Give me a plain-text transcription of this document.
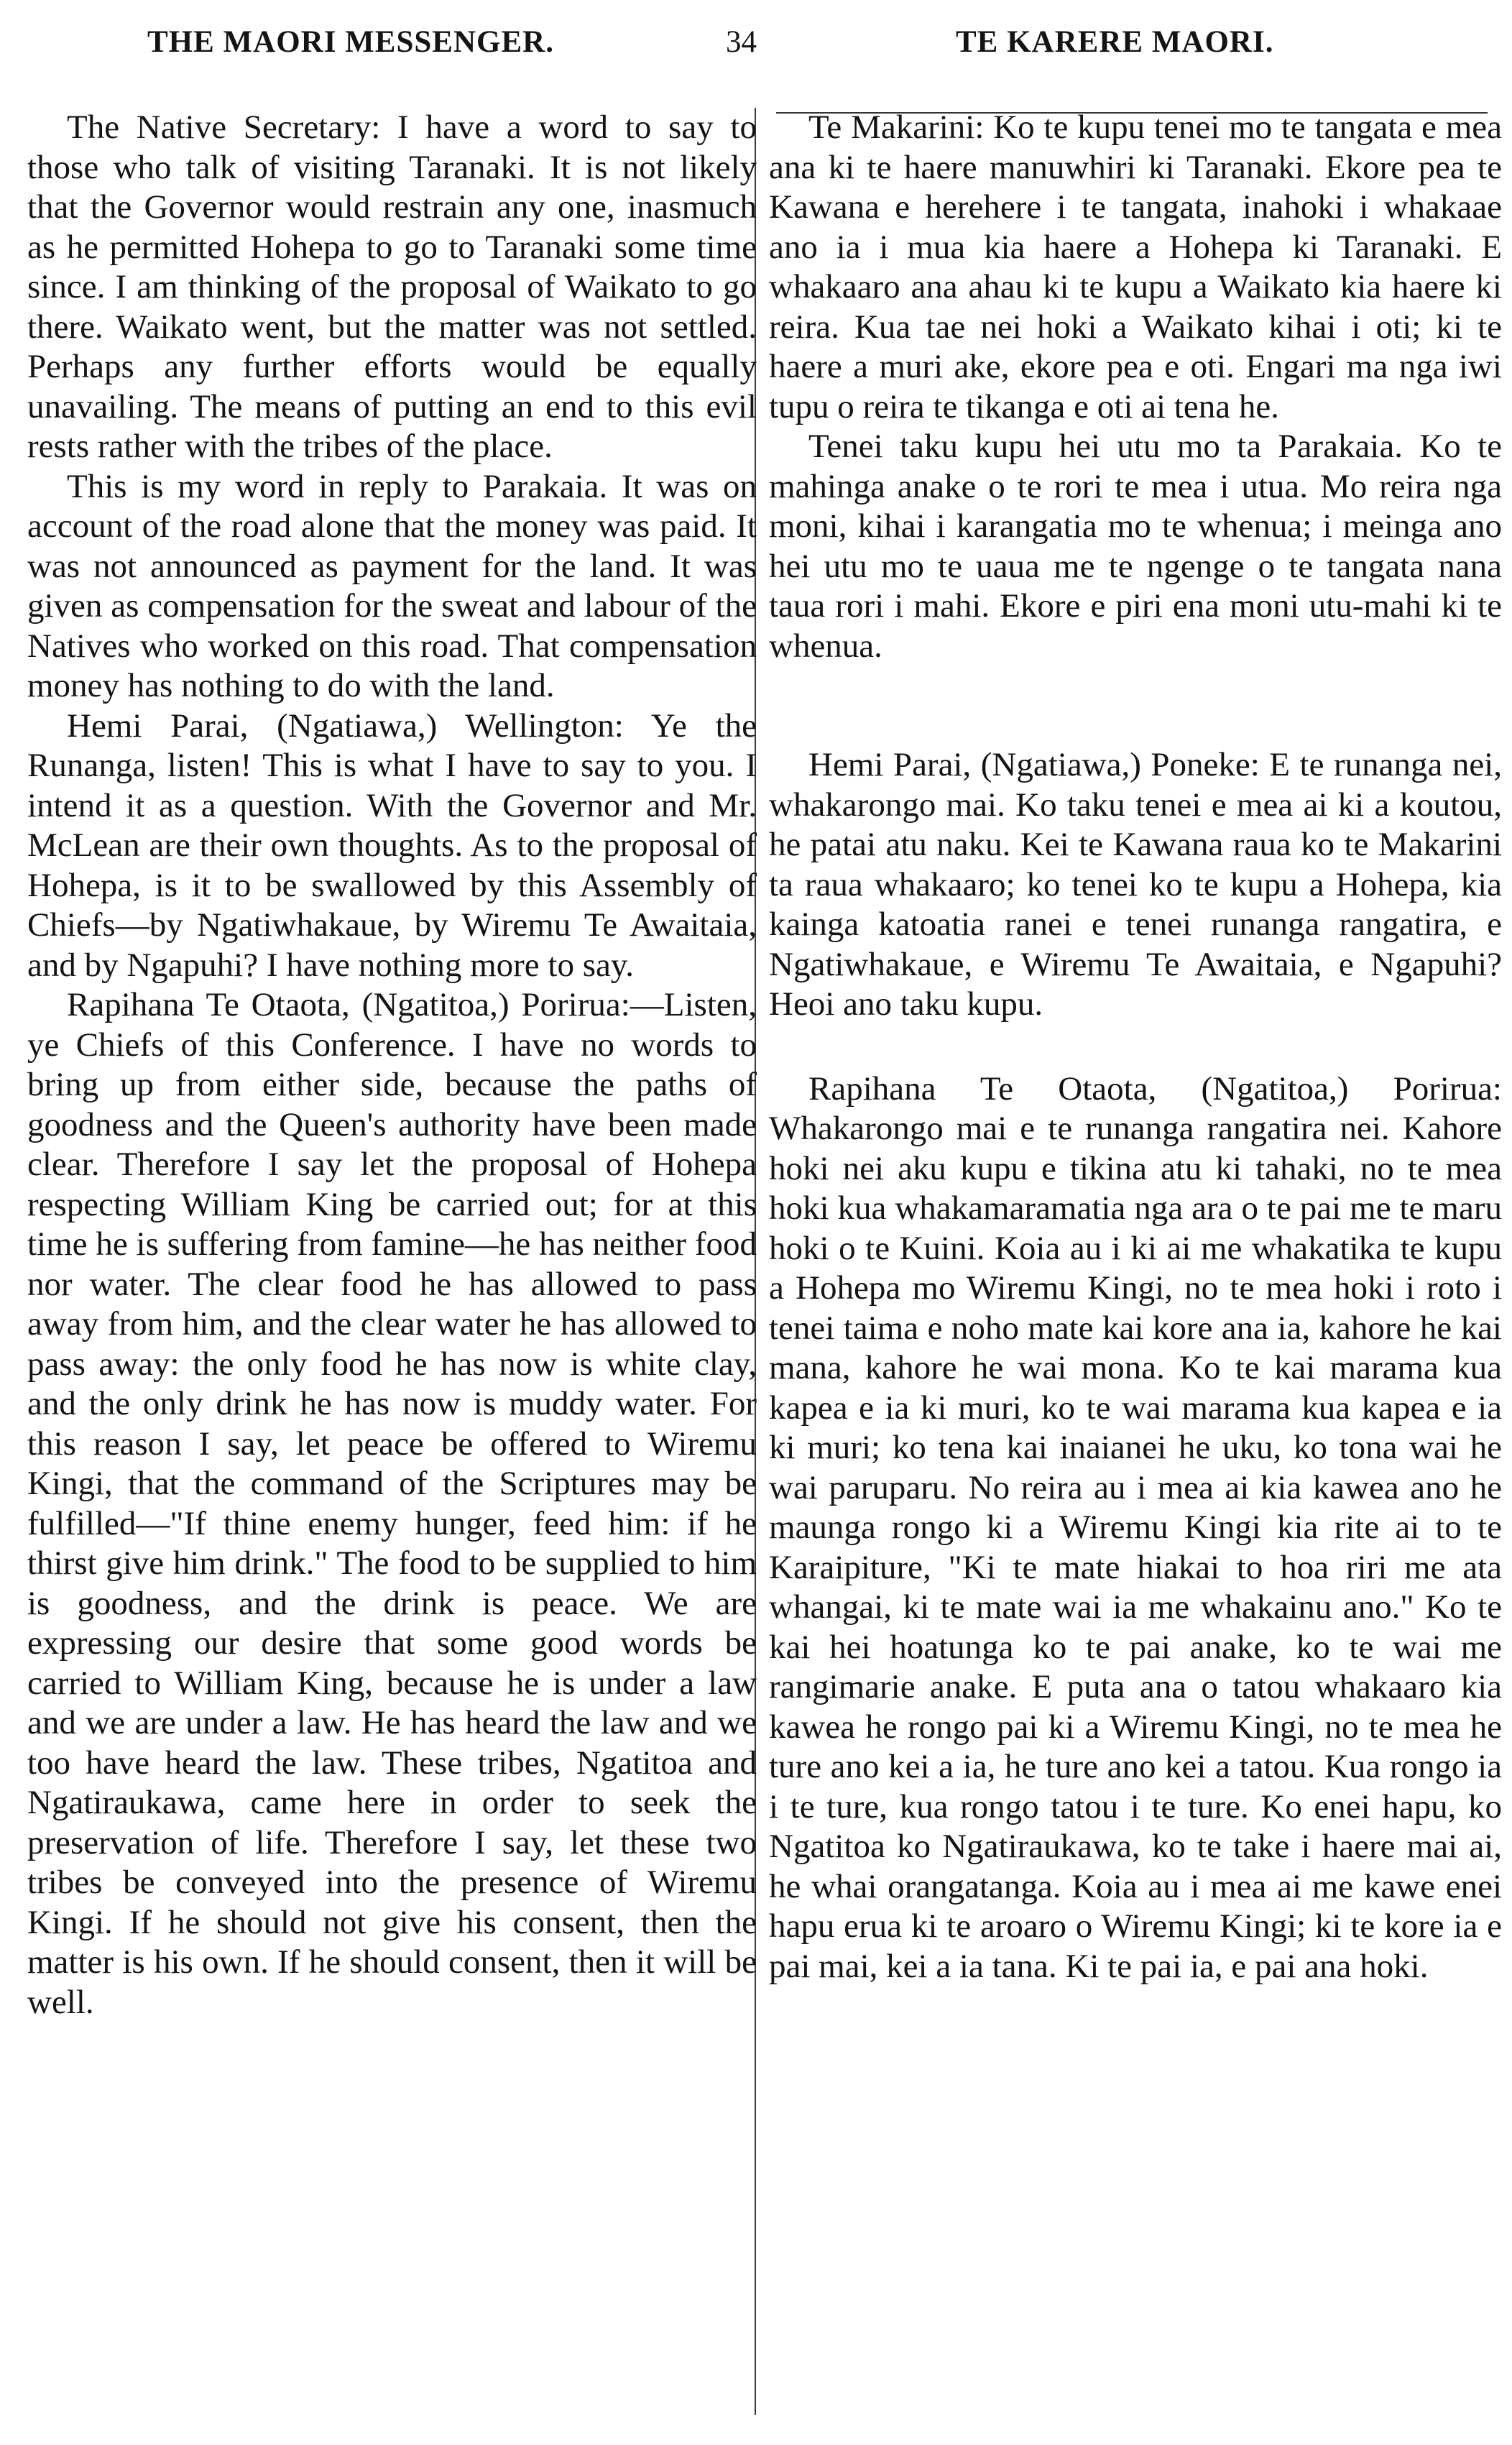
THE MAORI MESSENGER.	34	TE KARERE MAORI.

The Native Secretary: I have a word to say to those who talk of visiting Taranaki. It is not likely that the Governor would restrain any one, inasmuch as he permitted Hohepa to go to Taranaki some time since. I am thinking of the proposal of Waikato to go there. Waikato went, but the matter was not settled. Perhaps any further efforts would be equally unavailing. The means of putting an end to this evil rests rather with the tribes of the place.

This is my word in reply to Parakaia. It was on account of the road alone that the money was paid. It was not announced as payment for the land. It was given as compensation for the sweat and labour of the Natives who worked on this road. That compensation money has nothing to do with the land.

Hemi Parai, (Ngatiawa,) Wellington: Ye the Runanga, listen! This is what I have to say to you. I intend it as a question. With the Governor and Mr. McLean are their own thoughts. As to the proposal of Hohepa, is it to be swallowed by this Assembly of Chiefs—by Ngatiwhakaue, by Wiremu Te Awaitaia, and by Ngapuhi? I have nothing more to say.

Rapihana Te Otaota, (Ngatitoa,) Porirua:—Listen, ye Chiefs of this Conference. I have no words to bring up from either side, because the paths of goodness and the Queen's authority have been made clear. Therefore I say let the proposal of Hohepa respecting William King be carried out; for at this time he is suffering from famine—he has neither food nor water. The clear food he has allowed to pass away from him, and the clear water he has allowed to pass away: the only food he has now is white clay, and the only drink he has now is muddy water. For this reason I say, let peace be offered to Wiremu Kingi, that the command of the Scriptures may be fulfilled—"If thine enemy hunger, feed him: if he thirst give him drink." The food to be supplied to him is goodness, and the drink is peace. We are expressing our desire that some good words be carried to William King, because he is under a law and we are under a law. He has heard the law and we too have heard the law. These tribes, Ngatitoa and Ngatiraukawa, came here in order to seek the preservation of life. Therefore I say, let these two tribes be conveyed into the presence of Wiremu Kingi. If he should not give his consent, then the matter is his own. If he should consent, then it will be well.

Te Makarini: Ko te kupu tenei mo te tangata e mea ana ki te haere manuwhiri ki Taranaki. Ekore pea te Kawana e herehere i te tangata, inahoki i whakaae ano ia i mua kia haere a Hohepa ki Taranaki. E whakaaro ana ahau ki te kupu a Waikato kia haere ki reira. Kua tae nei hoki a Waikato kihai i oti; ki te haere a muri ake, ekore pea e oti. Engari ma nga iwi tupu o reira te tikanga e oti ai tena he.

Tenei taku kupu hei utu mo ta Parakaia. Ko te mahinga anake o te rori te mea i utua. Mo reira nga moni, kihai i karangatia mo te whenua; i meinga ano hei utu mo te uaua me te ngenge o te tangata nana taua rori i mahi. Ekore e piri ena moni utu-mahi ki te whenua.

Hemi Parai, (Ngatiawa,) Poneke: E te runanga nei, whakarongo mai. Ko taku tenei e mea ai ki a koutou, he patai atu naku. Kei te Kawana raua ko te Makarini ta raua whakaaro; ko tenei ko te kupu a Hohepa, kia kainga katoatia ranei e tenei runanga rangatira, e Ngatiwhakaue, e Wiremu Te Awaitaia, e Ngapuhi? Heoi ano taku kupu.

Rapihana Te Otaota, (Ngatitoa,) Porirua: Whakarongo mai e te runanga rangatira nei. Kahore hoki nei aku kupu e tikina atu ki tahaki, no te mea hoki kua whakamaramatia nga ara o te pai me te maru hoki o te Kuini. Koia au i ki ai me whakatika te kupu a Hohepa mo Wiremu Kingi, no te mea hoki i roto i tenei taima e noho mate kai kore ana ia, kahore he kai mana, kahore he wai mona. Ko te kai marama kua kapea e ia ki muri, ko te wai marama kua kapea e ia ki muri; ko tena kai inaianei he uku, ko tona wai he wai paruparu. No reira au i mea ai kia kawea ano he maunga rongo ki a Wiremu Kingi kia rite ai to te Karaipiture, "Ki te mate hiakai to hoa riri me ata whangai, ki te mate wai ia me whakainu ano." Ko te kai hei hoatunga ko te pai anake, ko te wai me rangimarie anake. E puta ana o tatou whakaaro kia kawea he rongo pai ki a Wiremu Kingi, no te mea he ture ano kei a ia, he ture ano kei a tatou. Kua rongo ia i te ture, kua rongo tatou i te ture. Ko enei hapu, ko Ngatitoa ko Ngatiraukawa, ko te take i haere mai ai, he whai orangatanga. Koia au i mea ai me kawe enei hapu erua ki te aroaro o Wiremu Kingi; ki te kore ia e pai mai, kei a ia tana. Ki te pai ia, e pai ana hoki.
